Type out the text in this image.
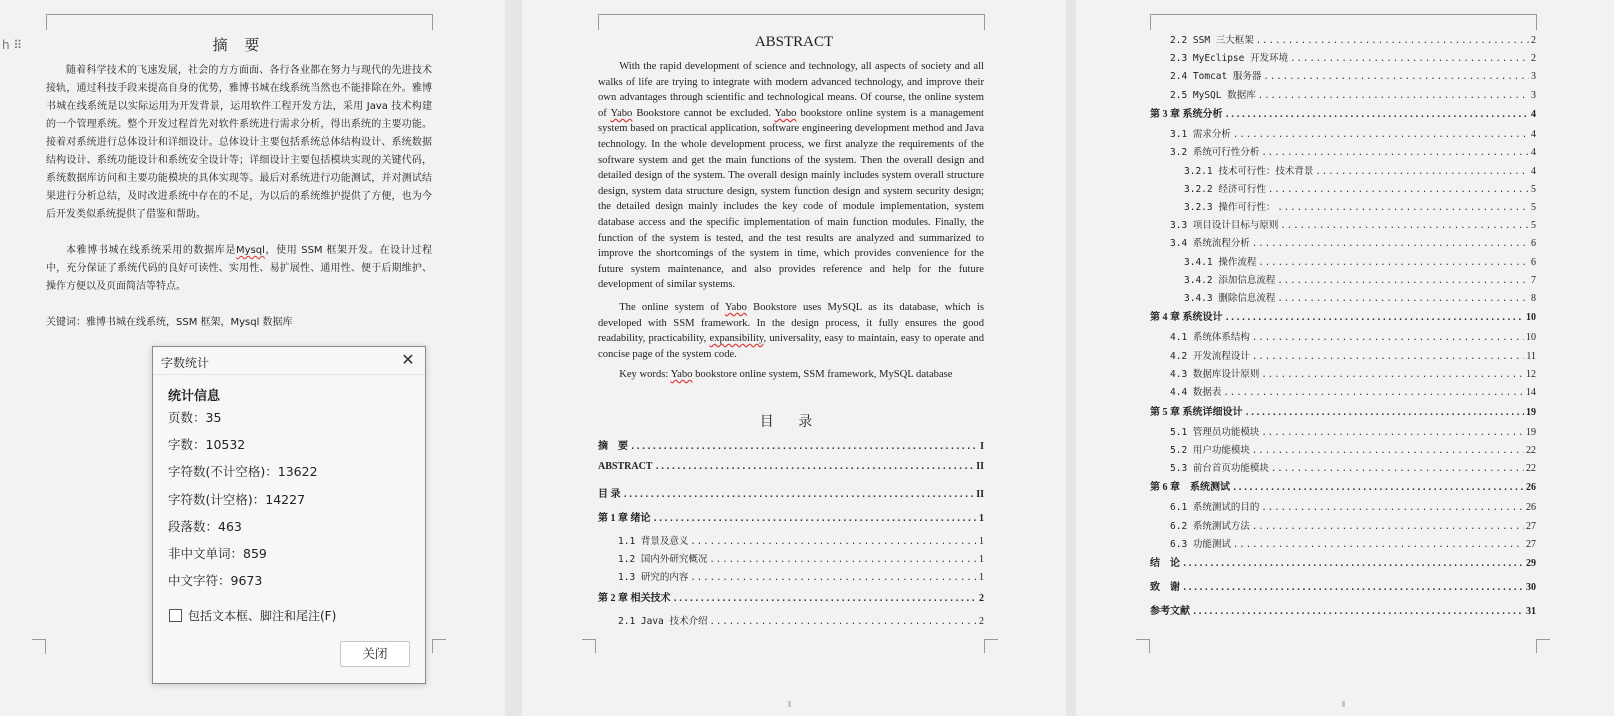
h ⠿	摘 要
随着科学技术的飞速发展，社会的方方面面、各行各业都在努力与现代的先进技术接轨，通过科技手段来提高自身的优势，雅博书城在线系统当然也不能排除在外。雅博书城在线系统是以实际运用为开发背景，运用软件工程开发方法，采用 Java 技术构建的一个管理系统。整个开发过程首先对软件系统进行需求分析，得出系统的主要功能。接着对系统进行总体设计和详细设计。总体设计主要包括系统总体结构设计、系统数据结构设计、系统功能设计和系统安全设计等；详细设计主要包括模块实现的关键代码，系统数据库访问和主要功能模块的具体实现等。最后对系统进行功能测试，并对测试结果进行分析总结，及时改进系统中存在的不足，为以后的系统维护提供了方便，也为今后开发类似系统提供了借鉴和帮助。
本雅博书城在线系统采用的数据库是Mysql，使用 SSM 框架开发。在设计过程中，充分保证了系统代码的良好可读性、实用性、易扩展性、通用性、便于后期维护、操作方便以及页面简洁等特点。
关键词：雅博书城在线系统，SSM 框架，Mysql 数据库
ABSTRACT
With the rapid development of science and technology, all aspects of society and all walks of life are trying to integrate with modern advanced technology, and improve their own advantages through scientific and technological means. Of course, the online system of Yabo Bookstore cannot be excluded. Yabo bookstore online system is a management system based on practical application, software engineering development method and Java technology. In the whole development process, we first analyze the requirements of the software system and get the main functions of the system. Then the overall design and detailed design of the system. The overall design mainly includes system overall structure design, system data structure design, system function design and system security design; the detailed design mainly includes the key code of module implementation, system database access and the specific implementation of main function modules. Finally, the function of the system is tested, and the test results are analyzed and summarized to improve the shortcomings of the system in time, which provides convenience for the future system maintenance, and also provides reference and help for the future development of similar systems.
The online system of Yabo Bookstore uses MySQL as its database, which is developed with SSM framework. In the design process, it fully ensures the good readability, practicability, expansibility, universality, easy to maintain, easy to operate and concise page of the system code.
Key words: Yabo bookstore online system, SSM framework, MySQL database
目 录
摘　要 .....	I
ABSTRACT .....	II
目 录 .....	II
第 1 章 绪论 .....	1
1.1 背景及意义 .....	1
1.2 国内外研究概况 .....	1
1.3 研究的内容 .....	1
第 2 章 相关技术 .....	2
2.1 Java 技术介绍 .....	2
⦀
2.2 SSM 三大框架 .....	2
2.3 MyEclipse 开发环境 .....	2
2.4 Tomcat 服务器 .....	3
2.5 MySQL 数据库 .....	3
第 3 章 系统分析 .....	4
3.1 需求分析 .....	4
3.2 系统可行性分析 .....	4
3.2.1 技术可行性：技术背景 .....	4
3.2.2 经济可行性 .....	5
3.2.3 操作可行性： .....	5
3.3 项目设计目标与原则 .....	5
3.4 系统流程分析 .....	6
3.4.1 操作流程 .....	6
3.4.2 添加信息流程 .....	7
3.4.3 删除信息流程 .....	8
第 4 章 系统设计 .....	10
4.1 系统体系结构 .....	10
4.2 开发流程设计 .....	11
4.3 数据库设计原则 .....	12
4.4 数据表 .....	14
第 5 章 系统详细设计 .....	19
5.1 管理员功能模块 .....	19
5.2 用户功能模块 .....	22
5.3 前台首页功能模块 .....	22
第 6 章　系统测试 .....	26
6.1 系统测试的目的 .....	26
6.2 系统测试方法 .....	27
6.3 功能测试 .....	27
结　论 .....	29
致　谢 .....	30
参考文献 .....	31
⦀
字数统计	✕
统计信息
页数：35
字数：10532
字符数(不计空格)：13622
字符数(计空格)：14227
段落数：463
非中文单词：859
中文字符：9673
包括文本框、脚注和尾注(F)
关闭
